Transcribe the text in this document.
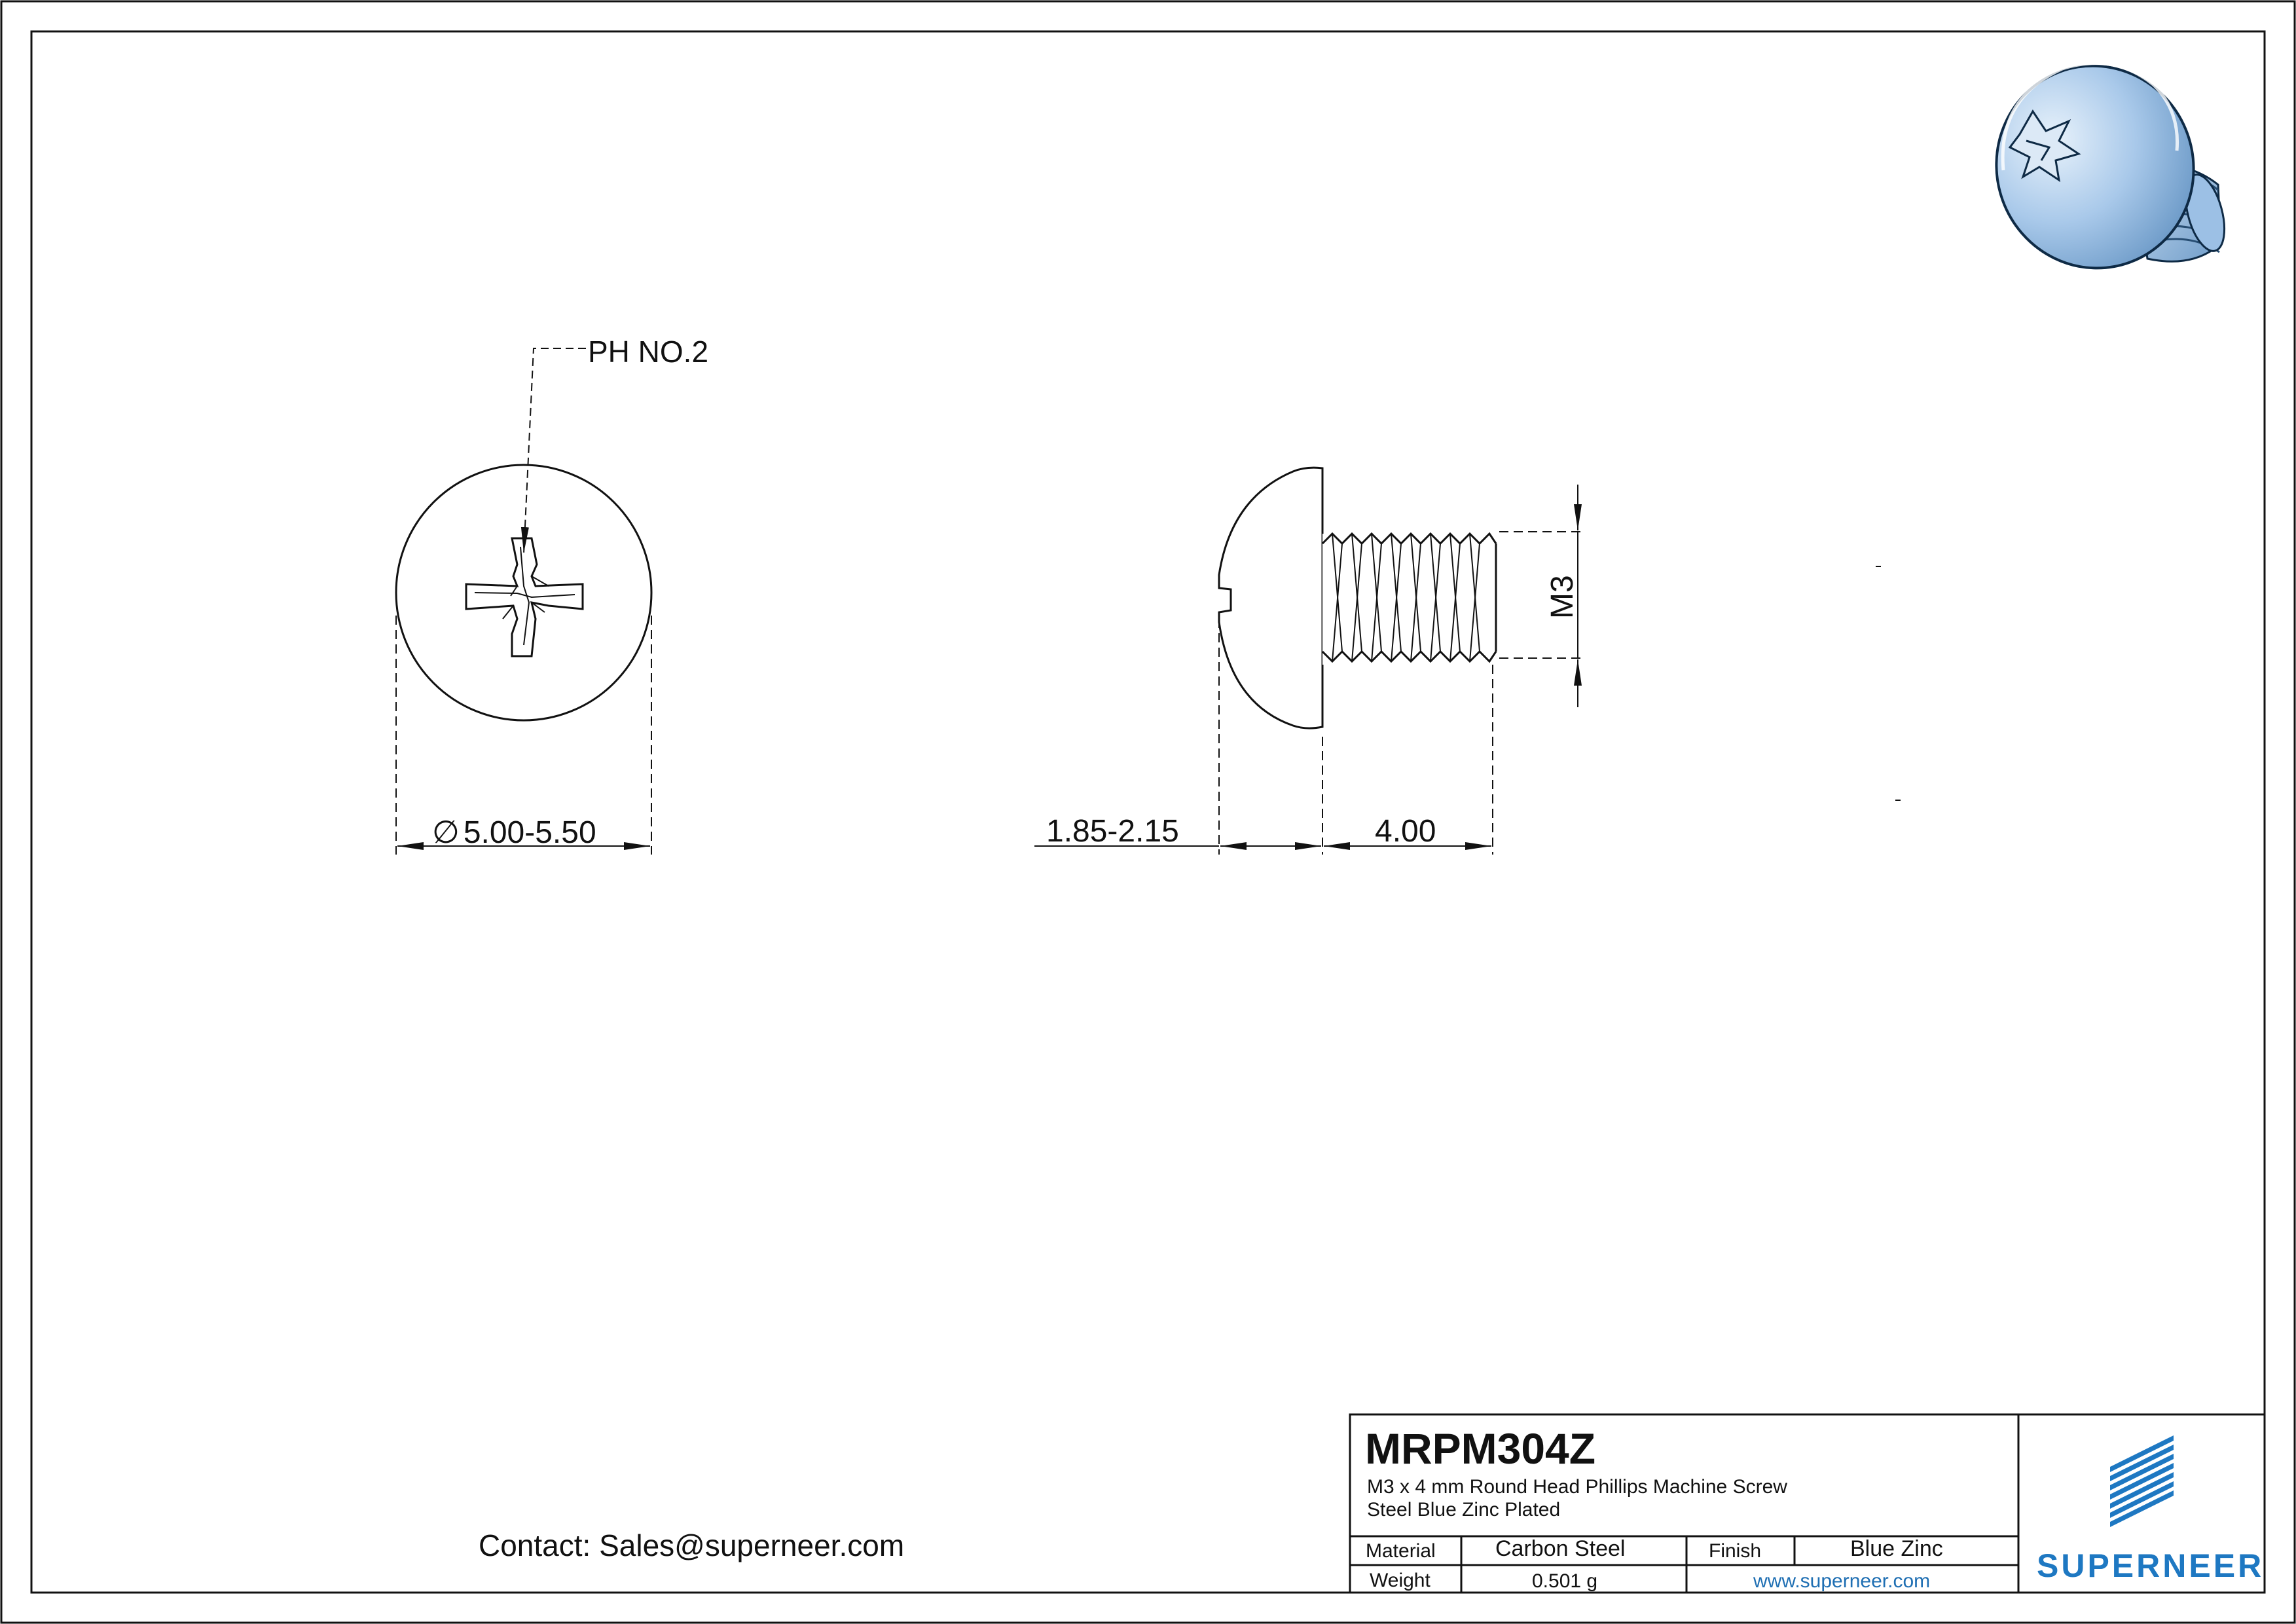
PH NO.2
∅ 5.00-5.50	1.85-2.15	4.00
M3
Contact: Sales@superneer.com
MRPM304Z
M3 x 4 mm Round Head Phillips Machine Screw
Steel Blue Zinc Plated
Material	Carbon Steel	Finish	Blue Zinc
Weight	0.501 g	www.superneer.com	SUPERNEER
